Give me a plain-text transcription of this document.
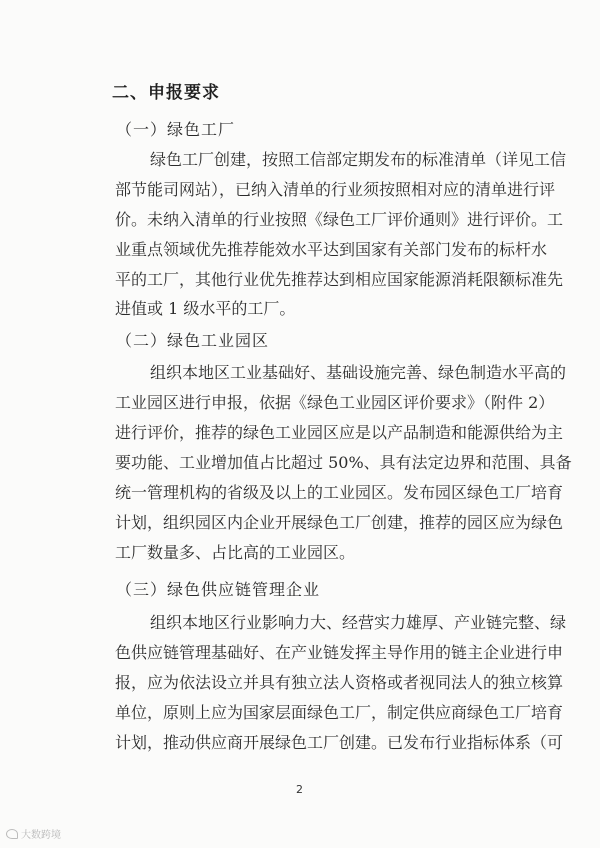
二、申报要求
（一）绿色工厂
绿色工厂创建，按照工信部定期发布的标准清单（详见工信
部节能司网站），已纳入清单的行业须按照相对应的清单进行评
价。未纳入清单的行业按照《绿色工厂评价通则》进行评价。工
业重点领域优先推荐能效水平达到国家有关部门发布的标杆水
平的工厂，其他行业优先推荐达到相应国家能源消耗限额标准先
进值或 1 级水平的工厂。
（二）绿色工业园区
组织本地区工业基础好、基础设施完善、绿色制造水平高的
工业园区进行申报，依据《绿色工业园区评价要求》（附件 2）
进行评价，推荐的绿色工业园区应是以产品制造和能源供给为主
要功能、工业增加值占比超过 50%、具有法定边界和范围、具备
统一管理机构的省级及以上的工业园区。发布园区绿色工厂培育
计划，组织园区内企业开展绿色工厂创建，推荐的园区应为绿色
工厂数量多、占比高的工业园区。
（三）绿色供应链管理企业
组织本地区行业影响力大、经营实力雄厚、产业链完整、绿
色供应链管理基础好、在产业链发挥主导作用的链主企业进行申
报，应为依法设立并具有独立法人资格或者视同法人的独立核算
单位，原则上应为国家层面绿色工厂，制定供应商绿色工厂培育
计划，推动供应商开展绿色工厂创建。已发布行业指标体系（可
2
大数跨境
